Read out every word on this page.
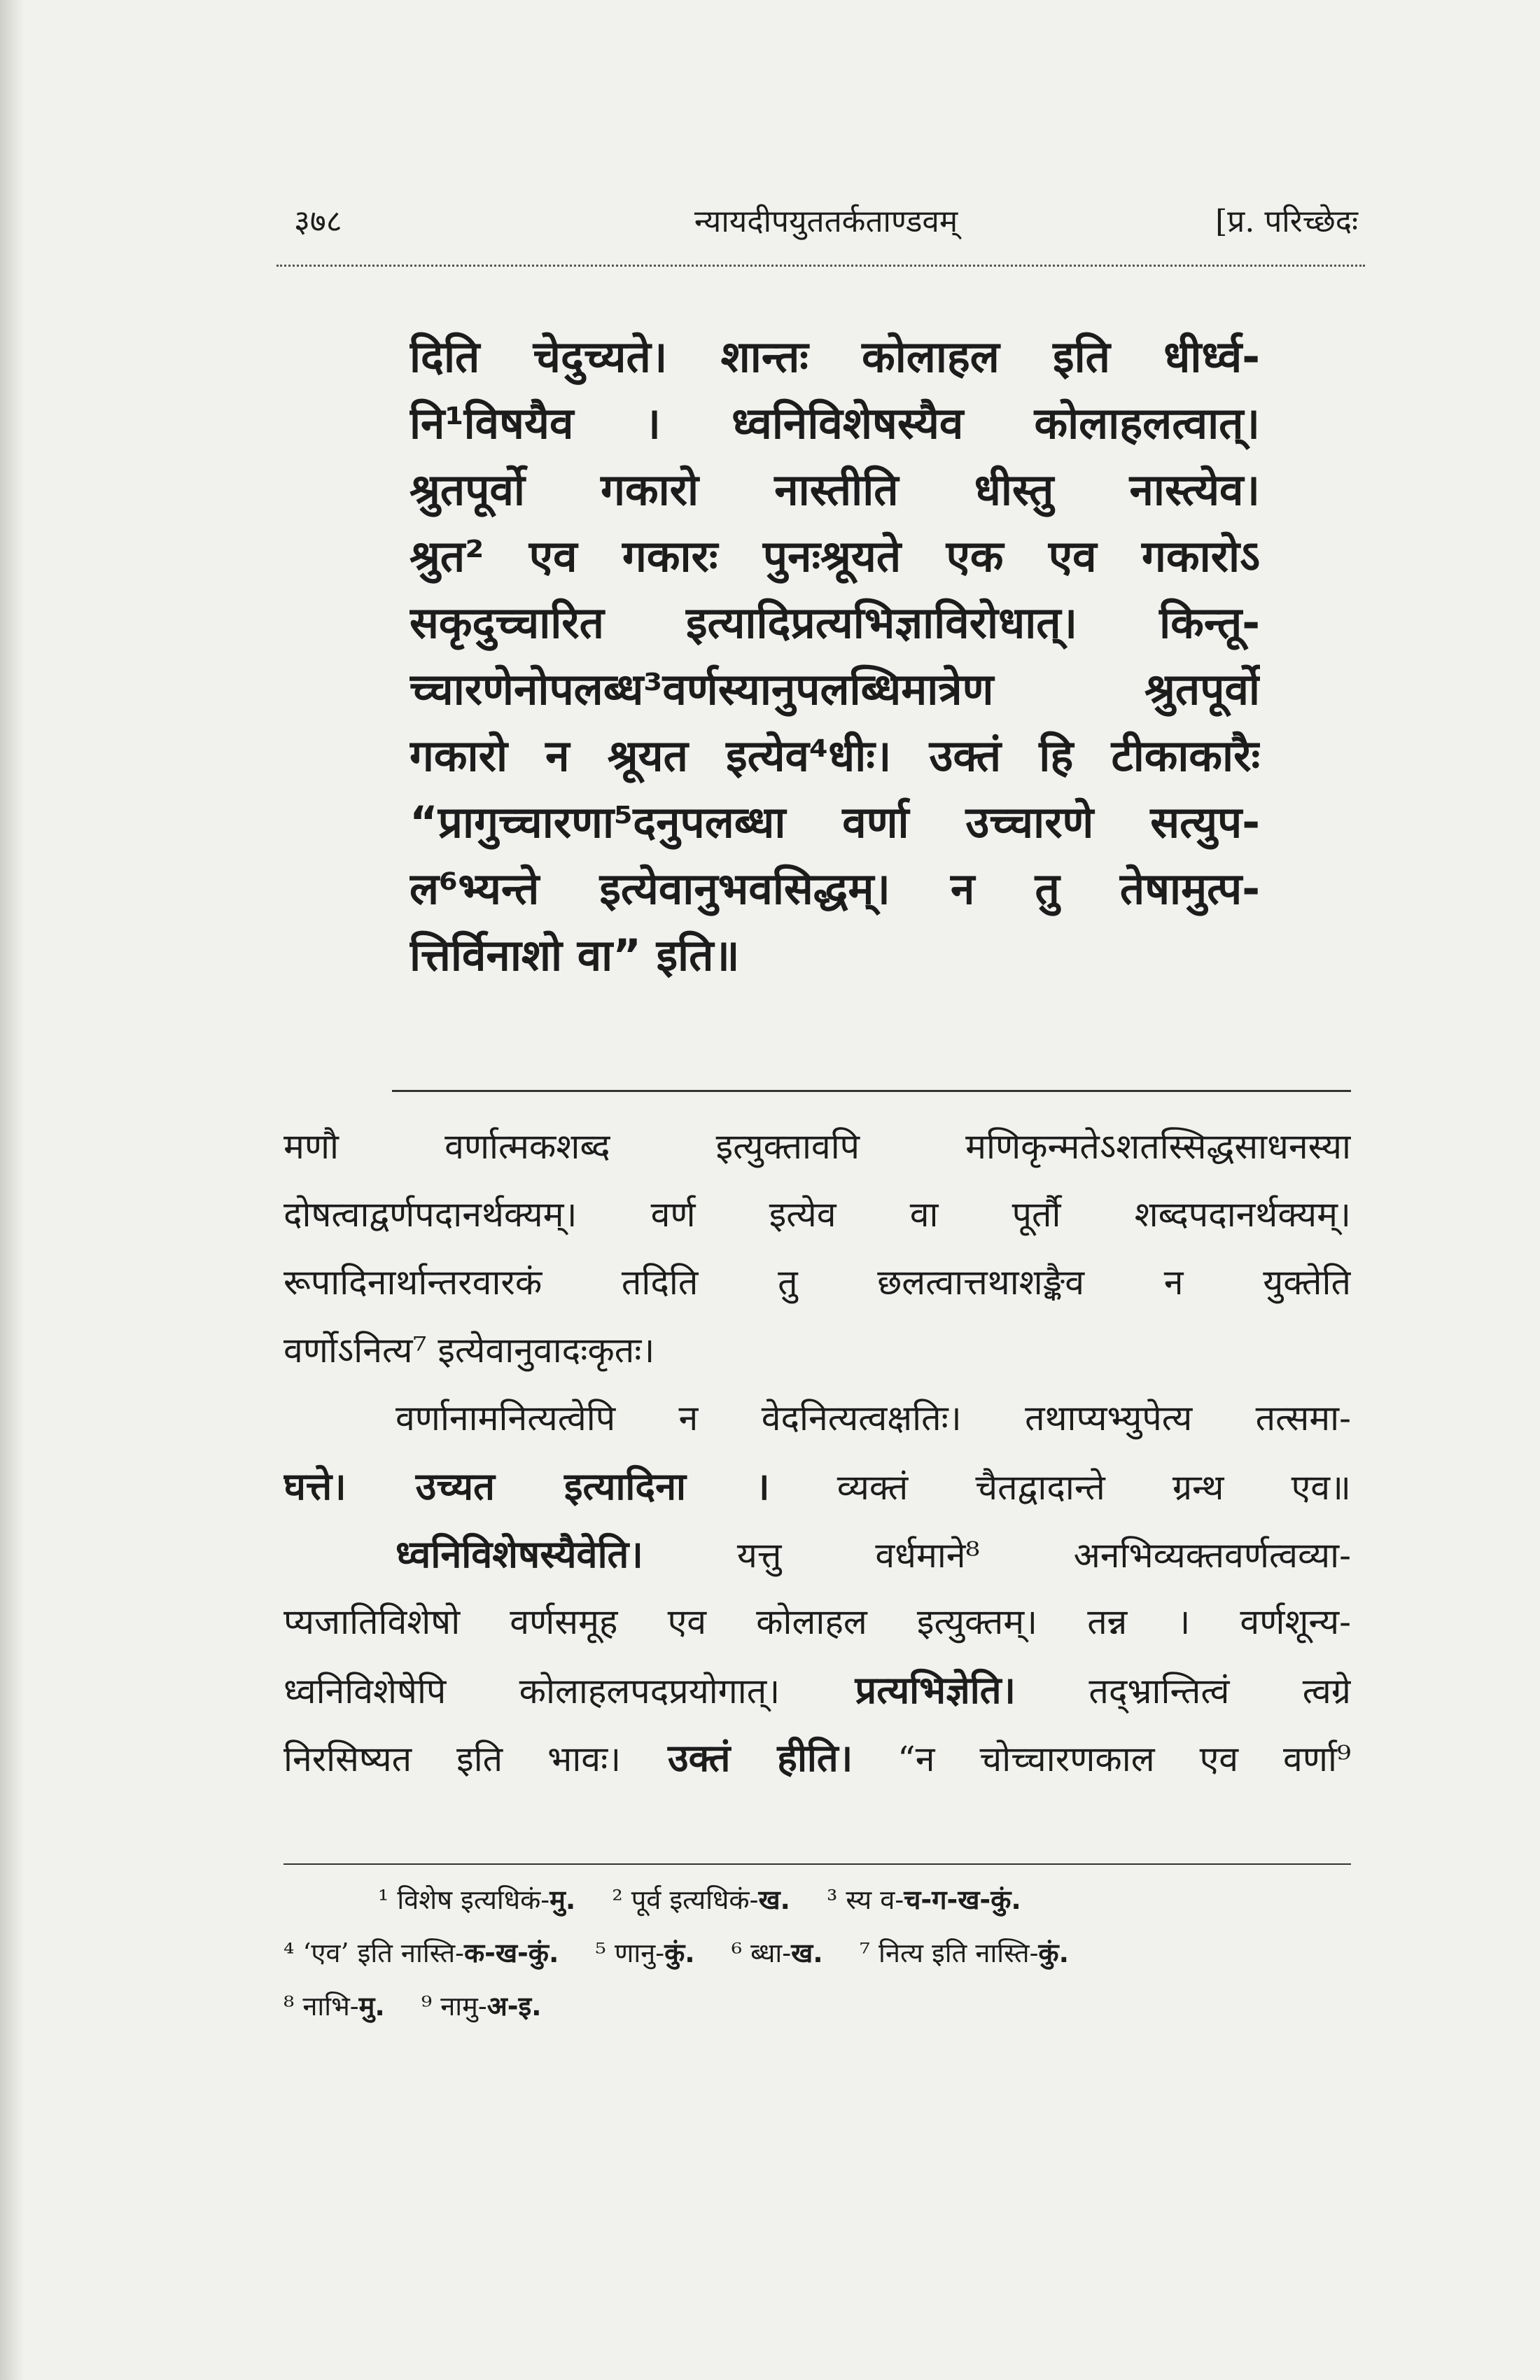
३७८	न्यायदीपयुततर्कताण्डवम्	[प्र. परिच्छेदः
दिति चेदुच्यते। शान्तः कोलाहल इति धीर्ध्व-
नि¹विषयैव । ध्वनिविशेषस्यैव कोलाहलत्वात्।
श्रुतपूर्वो गकारो नास्तीति धीस्तु नास्त्येव।
श्रुत² एव गकारः पुनःश्रूयते एक एव गकारोऽ
सकृदुच्चारित इत्यादिप्रत्यभिज्ञाविरोधात्। किन्तू-
च्चारणेनोपलब्ध³वर्णस्यानुपलब्धिमात्रेण श्रुतपूर्वो
गकारो न श्रूयत इत्येव⁴धीः। उक्तं हि टीकाकारैः
“प्रागुच्चारणा⁵दनुपलब्धा वर्णा उच्चारणे सत्युप-
ल⁶भ्यन्ते इत्येवानुभवसिद्धम्। न तु तेषामुत्प-
त्तिर्विनाशो वा” इति॥
मणौ वर्णात्मकशब्द इत्युक्तावपि मणिकृन्मतेऽशतस्सिद्धसाधनस्या
दोषत्वाद्वर्णपदानर्थक्यम्। वर्ण इत्येव वा पूर्तौ शब्दपदानर्थक्यम्।
रूपादिनार्थान्तरवारकं तदिति तु छलत्वात्तथाशङ्कैव न युक्तेति
वर्णोऽनित्य⁷ इत्येवानुवादःकृतः।
वर्णानामनित्यत्वेपि न वेदनित्यत्वक्षतिः। तथाप्यभ्युपेत्य तत्समा-
घत्ते। उच्यत इत्यादिना । व्यक्तं चैतद्वादान्ते ग्रन्थ एव॥
ध्वनिविशेषस्यैवेति। यत्तु वर्धमाने⁸ अनभिव्यक्तवर्णत्वव्या-
प्यजातिविशेषो वर्णसमूह एव कोलाहल इत्युक्तम्। तन्न । वर्णशून्य-
ध्वनिविशेषेपि कोलाहलपदप्रयोगात्। प्रत्यभिज्ञेति। तद्भ्रान्तित्वं त्वग्रे
निरसिष्यत इति भावः। उक्तं हीति। “न चोच्चारणकाल एव वर्णा⁹
¹ विशेष इत्यधिकं-मु. ² पूर्व इत्यधिकं-ख. ³ स्य व-च-ग-ख-कुं.
⁴ ‘एव’ इति नास्ति-क-ख-कुं. ⁵ णानु-कुं. ⁶ ब्धा-ख. ⁷ नित्य इति नास्ति-कुं.
⁸ नाभि-मु. ⁹ नामु-अ-इ.
